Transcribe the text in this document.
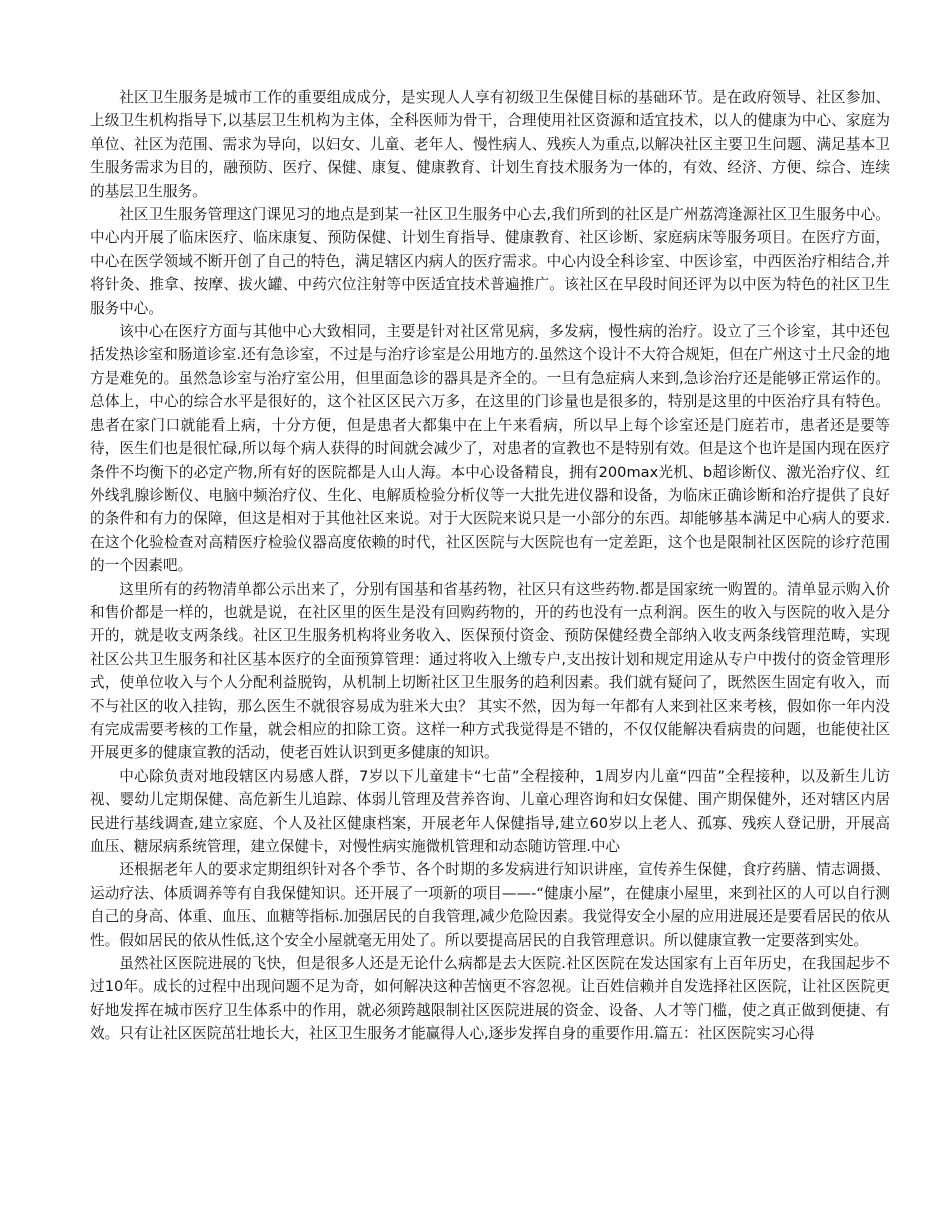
社区卫生服务是城市工作的重要组成成分，是实现人人享有初级卫生保健目标的基础环节。是在政府领导、社区参加、上级卫生机构指导下,以基层卫生机构为主体，全科医师为骨干，合理使用社区资源和适宜技术，以人的健康为中心、家庭为单位、社区为范围、需求为导向，以妇女、儿童、老年人、慢性病人、残疾人为重点,以解决社区主要卫生问题、满足基本卫生服务需求为目的，融预防、医疗、保健、康复、健康教育、计划生育技术服务为一体的，有效、经济、方便、综合、连续的基层卫生服务。

社区卫生服务管理这门课见习的地点是到某一社区卫生服务中心去,我们所到的社区是广州荔湾逢源社区卫生服务中心。中心内开展了临床医疗、临床康复、预防保健、计划生育指导、健康教育、社区诊断、家庭病床等服务项目。在医疗方面，中心在医学领域不断开创了自己的特色，满足辖区内病人的医疗需求。中心内设全科诊室、中医诊室，中西医治疗相结合,并将针灸、推拿、按摩、拔火罐、中药穴位注射等中医适宜技术普遍推广。该社区在早段时间还评为以中医为特色的社区卫生服务中心。

该中心在医疗方面与其他中心大致相同，主要是针对社区常见病，多发病，慢性病的治疗。设立了三个诊室，其中还包括发热诊室和肠道诊室.还有急诊室，不过是与治疗诊室是公用地方的.虽然这个设计不大符合规矩，但在广州这寸土尺金的地方是难免的。虽然急诊室与治疗室公用，但里面急诊的器具是齐全的。一旦有急症病人来到,急诊治疗还是能够正常运作的。总体上，中心的综合水平是很好的，这个社区区民六万多，在这里的门诊量也是很多的，特别是这里的中医治疗具有特色。患者在家门口就能看上病，十分方便，但是患者大都集中在上午来看病，所以早上每个诊室还是门庭若市，患者还是要等待，医生们也是很忙碌,所以每个病人获得的时间就会减少了，对患者的宣教也不是特别有效。但是这个也许是国内现在医疗条件不均衡下的必定产物,所有好的医院都是人山人海。本中心设备精良，拥有200max光机、b超诊断仪、激光治疗仪、红外线乳腺诊断仪、电脑中频治疗仪、生化、电解质检验分析仪等一大批先进仪器和设备，为临床正确诊断和治疗提供了良好的条件和有力的保障，但这是相对于其他社区来说。对于大医院来说只是一小部分的东西。却能够基本满足中心病人的要求.在这个化验检查对高精医疗检验仪器高度依赖的时代，社区医院与大医院也有一定差距，这个也是限制社区医院的诊疗范围的一个因素吧。

这里所有的药物清单都公示出来了，分别有国基和省基药物，社区只有这些药物.都是国家统一购置的。清单显示购入价和售价都是一样的，也就是说，在社区里的医生是没有回购药物的，开的药也没有一点利润。医生的收入与医院的收入是分开的，就是收支两条线。社区卫生服务机构将业务收入、医保预付资金、预防保健经费全部纳入收支两条线管理范畴，实现社区公共卫生服务和社区基本医疗的全面预算管理：通过将收入上缴专户,支出按计划和规定用途从专户中拨付的资金管理形式，使单位收入与个人分配利益脱钩，从机制上切断社区卫生服务的趋利因素。我们就有疑问了，既然医生固定有收入，而不与社区的收入挂钩，那么医生不就很容易成为驻米大虫？ 其实不然，因为每一年都有人来到社区来考核，假如你一年内没有完成需要考核的工作量，就会相应的扣除工资。这样一种方式我觉得是不错的，不仅仅能解决看病贵的问题，也能使社区开展更多的健康宣教的活动，使老百姓认识到更多健康的知识。

中心除负责对地段辖区内易感人群，7岁以下儿童建卡“七苗”全程接种，1周岁内儿童“四苗”全程接种，以及新生儿访视、婴幼儿定期保健、高危新生儿追踪、体弱儿管理及营养咨询、儿童心理咨询和妇女保健、围产期保健外，还对辖区内居民进行基线调查,建立家庭、个人及社区健康档案，开展老年人保健指导,建立60岁以上老人、孤寡、残疾人登记册，开展高血压、糖尿病系统管理，建立保健卡，对慢性病实施微机管理和动态随访管理.中心

还根据老年人的要求定期组织针对各个季节、各个时期的多发病进行知识讲座，宣传养生保健，食疗药膳、情志调摄、运动疗法、体质调养等有自我保健知识。还开展了一项新的项目——-“健康小屋”，在健康小屋里，来到社区的人可以自行测自己的身高、体重、血压、血糖等指标.加强居民的自我管理,减少危险因素。我觉得安全小屋的应用进展还是要看居民的依从性。假如居民的依从性低,这个安全小屋就毫无用处了。所以要提高居民的自我管理意识。所以健康宣教一定要落到实处。

虽然社区医院进展的飞快，但是很多人还是无论什么病都是去大医院.社区医院在发达国家有上百年历史，在我国起步不过10年。成长的过程中出现问题不足为奇，如何解决这种苦恼更不容忽视。让百姓信赖并自发选择社区医院，让社区医院更好地发挥在城市医疗卫生体系中的作用，就必须跨越限制社区医院进展的资金、设备、人才等门槛，使之真正做到便捷、有效。只有让社区医院茁壮地长大，社区卫生服务才能赢得人心,逐步发挥自身的重要作用.篇五：社区医院实习心得
